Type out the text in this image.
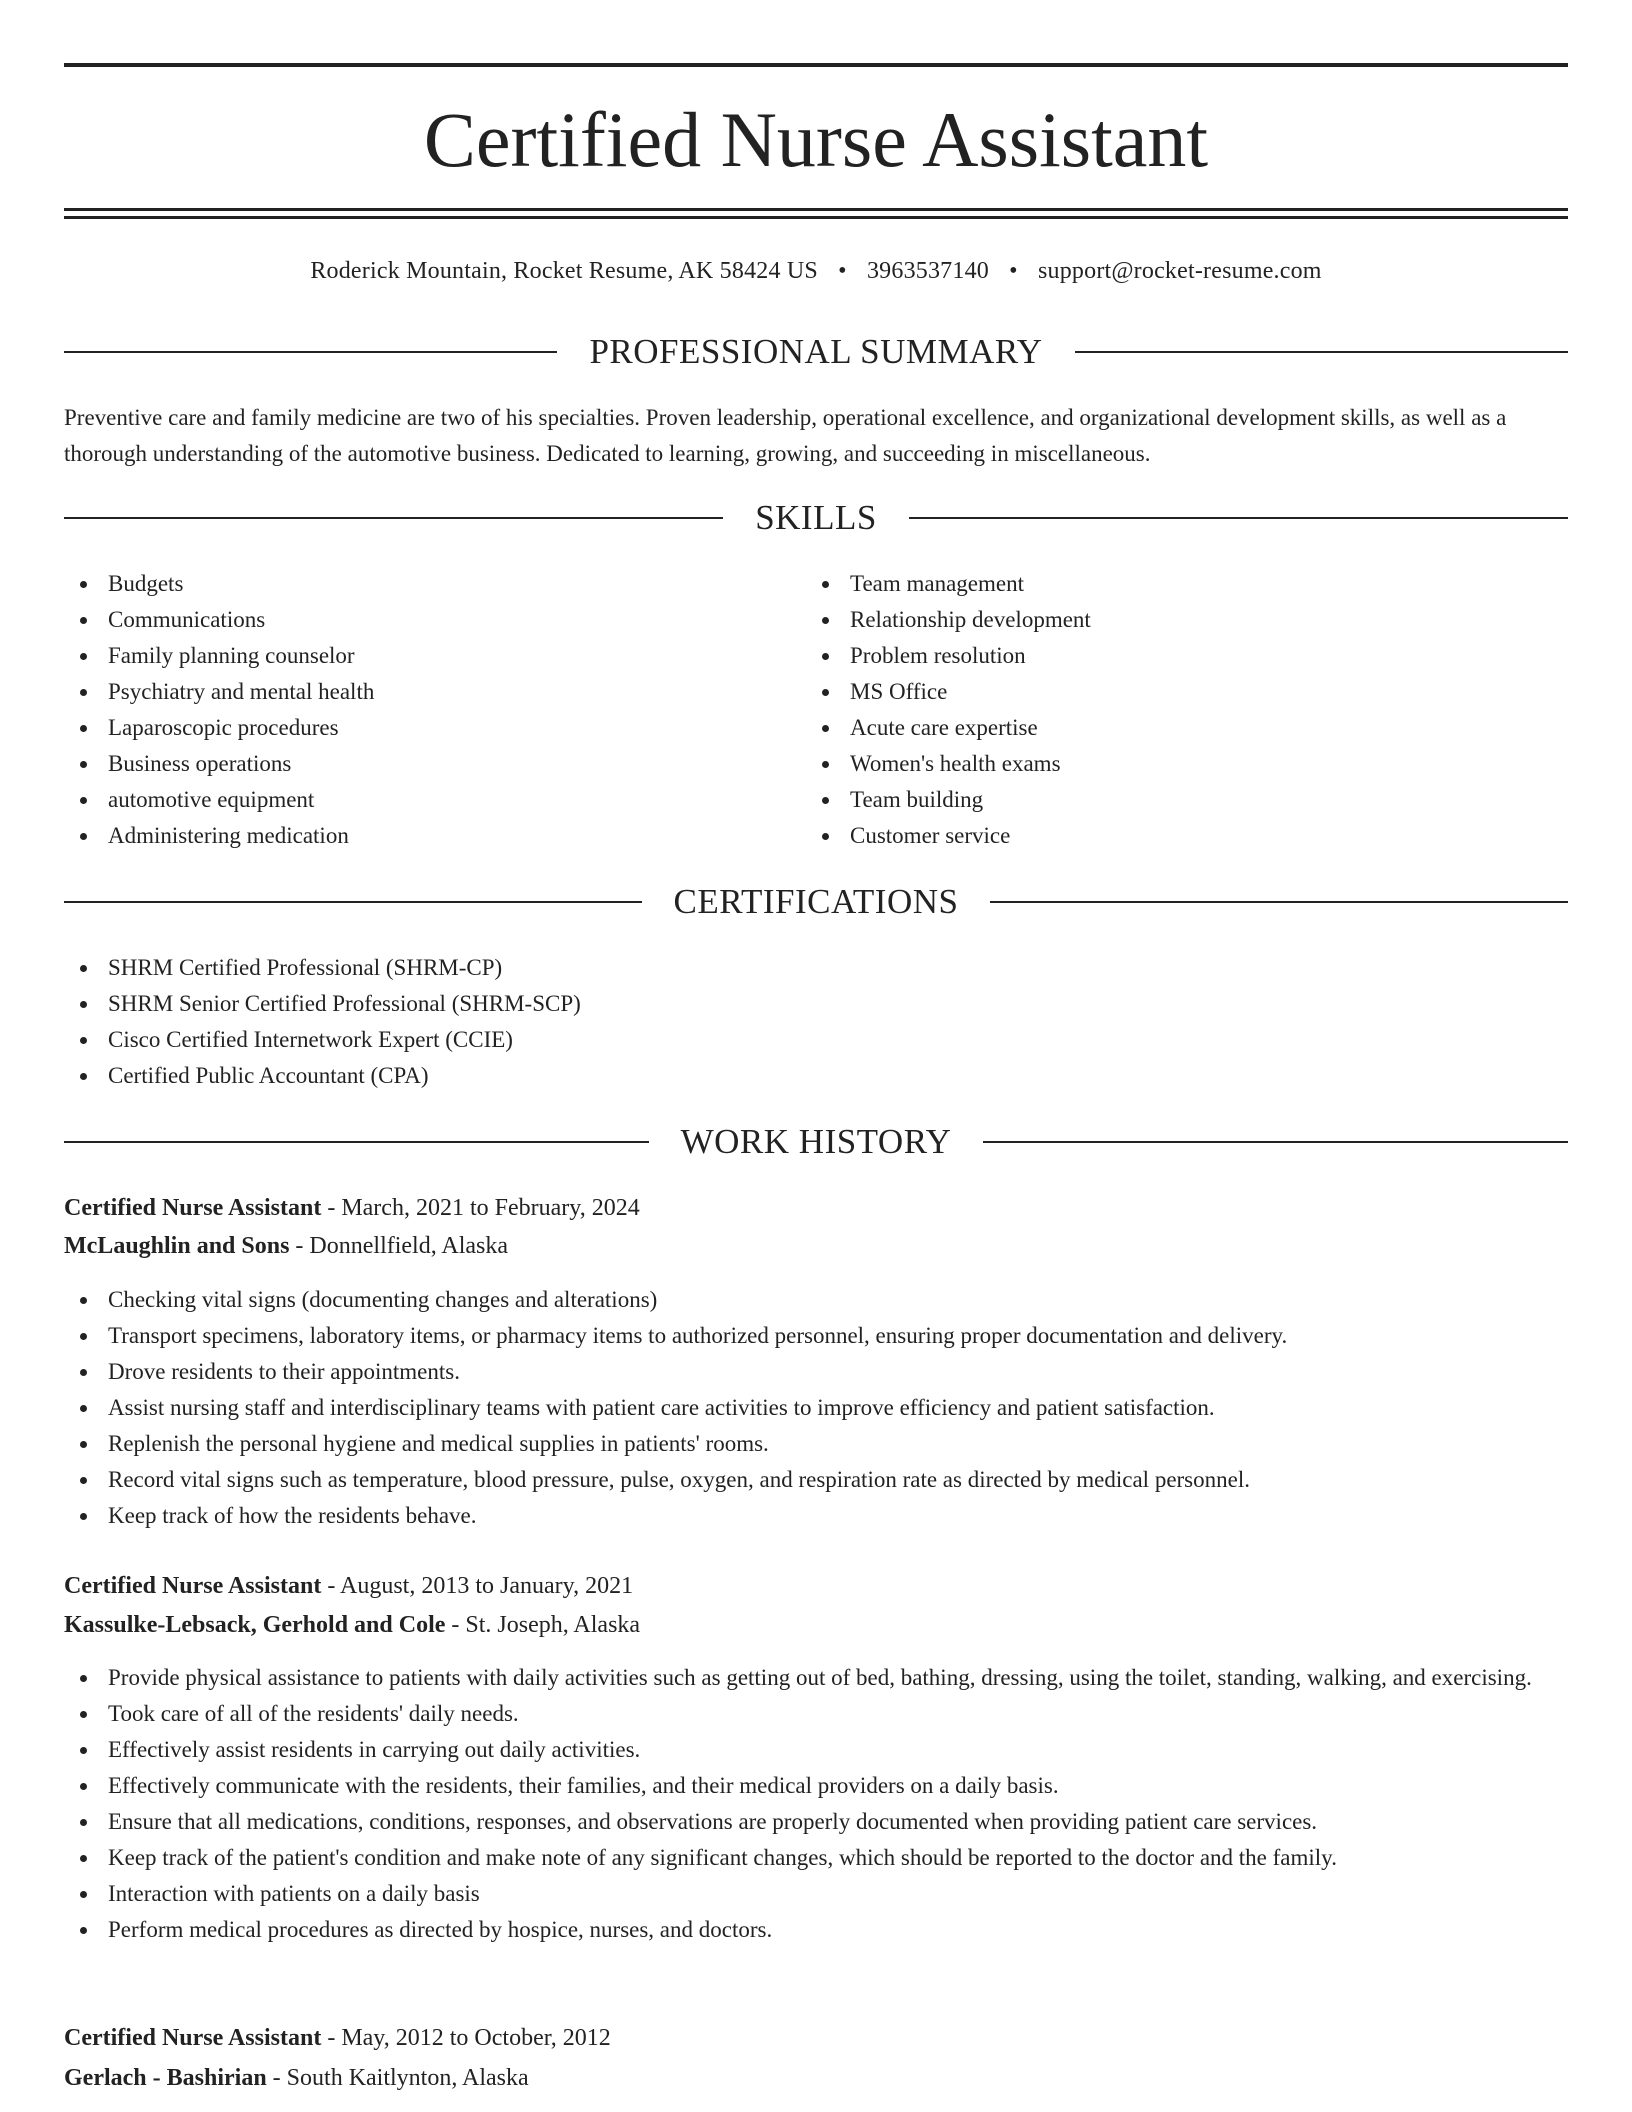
Certified Nurse Assistant
Roderick Mountain, Rocket Resume, AK 58424 US • 3963537140 • support@rocket-resume.com
PROFESSIONAL SUMMARY

Preventive care and family medicine are two of his specialties. Proven leadership, operational excellence, and organizational development skills, as well as a thorough understanding of the automotive business. Dedicated to learning, growing, and succeeding in miscellaneous.

SKILLS
Budgets
Communications
Family planning counselor
Psychiatry and mental health
Laparoscopic procedures
Business operations
automotive equipment
Administering medication
Team management
Relationship development
Problem resolution
MS Office
Acute care expertise
Women's health exams
Team building
Customer service
CERTIFICATIONS
SHRM Certified Professional (SHRM-CP)
SHRM Senior Certified Professional (SHRM-SCP)
Cisco Certified Internetwork Expert (CCIE)
Certified Public Accountant (CPA)
WORK HISTORY
Certified Nurse Assistant - March, 2021 to February, 2024
McLaughlin and Sons - Donnellfield, Alaska
Checking vital signs (documenting changes and alterations)
Transport specimens, laboratory items, or pharmacy items to authorized personnel, ensuring proper documentation and delivery.
Drove residents to their appointments.
Assist nursing staff and interdisciplinary teams with patient care activities to improve efficiency and patient satisfaction.
Replenish the personal hygiene and medical supplies in patients' rooms.
Record vital signs such as temperature, blood pressure, pulse, oxygen, and respiration rate as directed by medical personnel.
Keep track of how the residents behave.
Certified Nurse Assistant - August, 2013 to January, 2021
Kassulke-Lebsack, Gerhold and Cole - St. Joseph, Alaska
Provide physical assistance to patients with daily activities such as getting out of bed, bathing, dressing, using the toilet, standing, walking, and exercising.
Took care of all of the residents' daily needs.
Effectively assist residents in carrying out daily activities.
Effectively communicate with the residents, their families, and their medical providers on a daily basis.
Ensure that all medications, conditions, responses, and observations are properly documented when providing patient care services.
Keep track of the patient's condition and make note of any significant changes, which should be reported to the doctor and the family.
Interaction with patients on a daily basis
Perform medical procedures as directed by hospice, nurses, and doctors.
Certified Nurse Assistant - May, 2012 to October, 2012
Gerlach - Bashirian - South Kaitlynton, Alaska
